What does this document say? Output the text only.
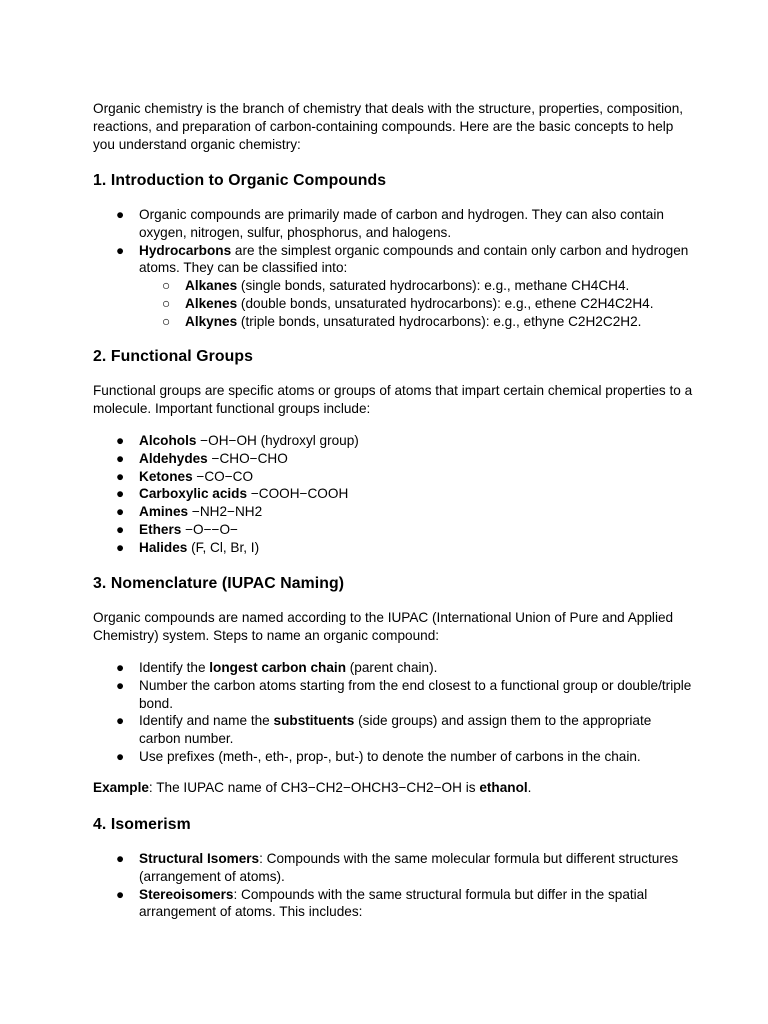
Organic chemistry is the branch of chemistry that deals with the structure, properties, composition, reactions, and preparation of carbon-containing compounds. Here are the basic concepts to help you understand organic chemistry:

1. Introduction to Organic Compounds
● Organic compounds are primarily made of carbon and hydrogen. They can also contain oxygen, nitrogen, sulfur, phosphorus, and halogens.
● Hydrocarbons are the simplest organic compounds and contain only carbon and hydrogen atoms. They can be classified into:
○ Alkanes (single bonds, saturated hydrocarbons): e.g., methane CH4CH4.
○ Alkenes (double bonds, unsaturated hydrocarbons): e.g., ethene C2H4C2H4.
○ Alkynes (triple bonds, unsaturated hydrocarbons): e.g., ethyne C2H2C2H2.
2. Functional Groups

Functional groups are specific atoms or groups of atoms that impart certain chemical properties to a molecule. Important functional groups include:

● Alcohols −OH−OH (hydroxyl group)
● Aldehydes −CHO−CHO
● Ketones −CO−CO
● Carboxylic acids −COOH−COOH
● Amines −NH2−NH2
● Ethers −O−−O−
● Halides (F, Cl, Br, I)
3. Nomenclature (IUPAC Naming)

Organic compounds are named according to the IUPAC (International Union of Pure and Applied Chemistry) system. Steps to name an organic compound:

● Identify the longest carbon chain (parent chain).
● Number the carbon atoms starting from the end closest to a functional group or double/triple bond.
● Identify and name the substituents (side groups) and assign them to the appropriate carbon number.
● Use prefixes (meth-, eth-, prop-, but-) to denote the number of carbons in the chain.

Example: The IUPAC name of CH3−CH2−OHCH3−CH2−OH is ethanol.

4. Isomerism
● Structural Isomers: Compounds with the same molecular formula but different structures (arrangement of atoms).
● Stereoisomers: Compounds with the same structural formula but differ in the spatial arrangement of atoms. This includes:
